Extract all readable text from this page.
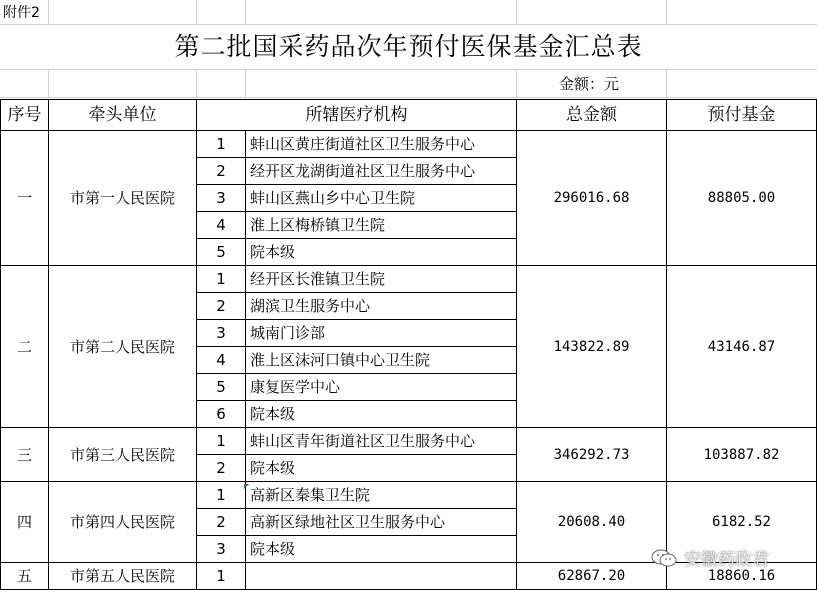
附件2
第二批国采药品次年预付医保基金汇总表
金额：元
序号	牵头单位	所辖医疗机构		总金额	预付基金
一	市第一人民医院	1	蚌山区黄庄街道社区卫生服务中心	296016.68	88805.00
		2	经开区龙湖街道社区卫生服务中心		
		3	蚌山区燕山乡中心卫生院		
		4	淮上区梅桥镇卫生院		
		5	院本级		
二	市第二人民医院	1	经开区长淮镇卫生院	143822.89	43146.87
		2	湖滨卫生服务中心		
		3	城南门诊部		
		4	淮上区沫河口镇中心卫生院		
		5	康复医学中心		
		6	院本级		
三	市第三人民医院	1	蚌山区青年街道社区卫生服务中心	346292.73	103887.82
		2	院本级		
四	市第四人民医院	1	高新区秦集卫生院	20608.40	6182.52
		2	高新区绿地社区卫生服务中心		
		3	院本级		
五	市第五人民医院	1		62867.20	18860.16
安徽药政君
